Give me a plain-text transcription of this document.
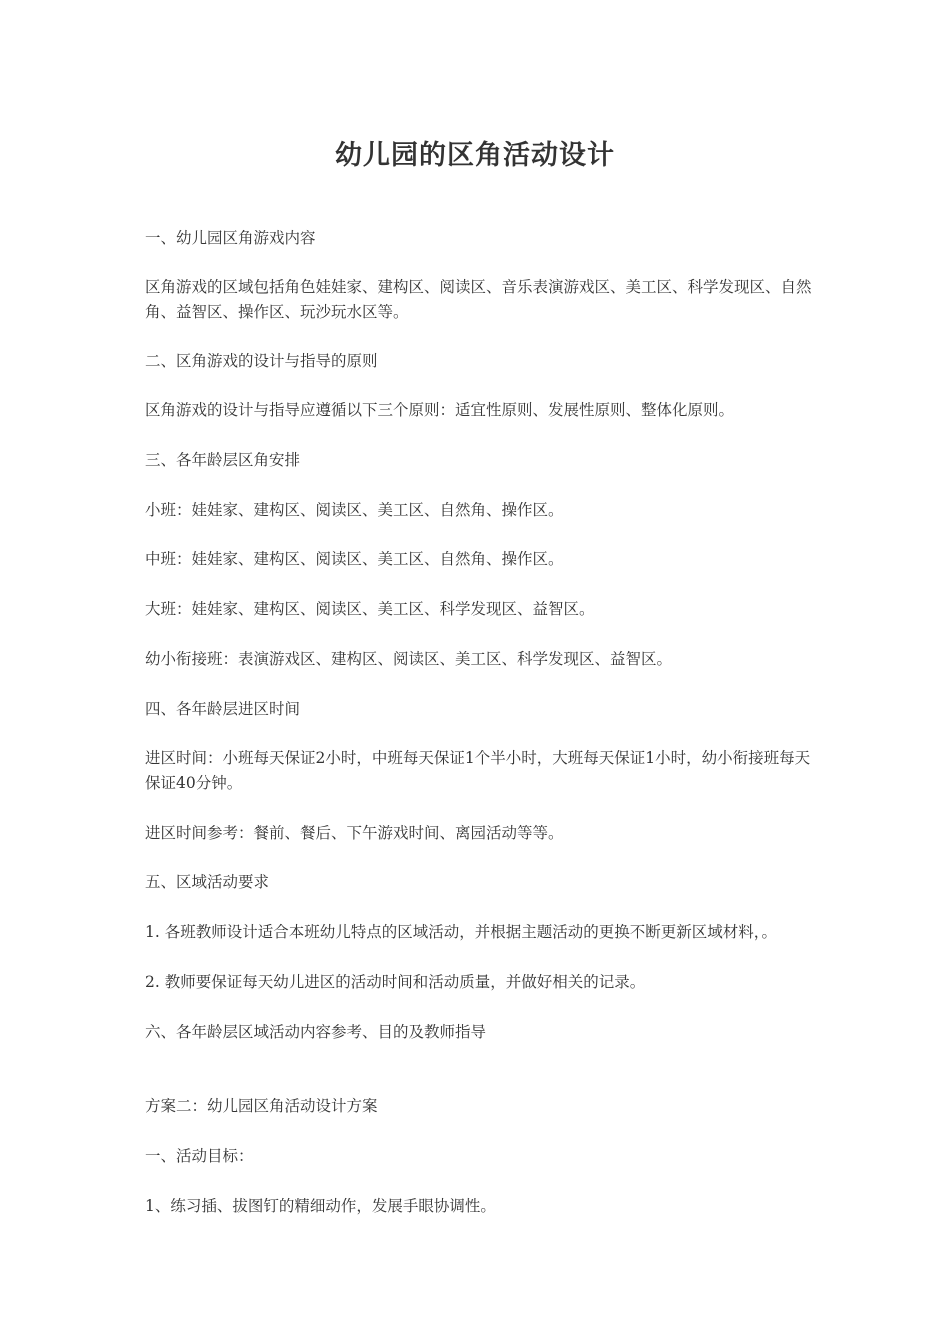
幼儿园的区角活动设计

一、幼儿园区角游戏内容

区角游戏的区域包括角色娃娃家、建构区、阅读区、音乐表演游戏区、美工区、科学发现区、自然角、益智区、操作区、玩沙玩水区等。

二、区角游戏的设计与指导的原则

区角游戏的设计与指导应遵循以下三个原则：适宜性原则、发展性原则、整体化原则。

三、各年龄层区角安排

小班：娃娃家、建构区、阅读区、美工区、自然角、操作区。

中班：娃娃家、建构区、阅读区、美工区、自然角、操作区。

大班：娃娃家、建构区、阅读区、美工区、科学发现区、益智区。

幼小衔接班：表演游戏区、建构区、阅读区、美工区、科学发现区、益智区。

四、各年龄层进区时间

进区时间：小班每天保证2小时，中班每天保证1个半小时，大班每天保证1小时，幼小衔接班每天保证40分钟。

进区时间参考：餐前、餐后、下午游戏时间、离园活动等等。

五、区域活动要求

1. 各班教师设计适合本班幼儿特点的区域活动，并根据主题活动的更换不断更新区域材料，。

2. 教师要保证每天幼儿进区的活动时间和活动质量，并做好相关的记录。

六、各年龄层区域活动内容参考、目的及教师指导

方案二：幼儿园区角活动设计方案

一、活动目标：

1、练习插、拔图钉的精细动作，发展手眼协调性。
